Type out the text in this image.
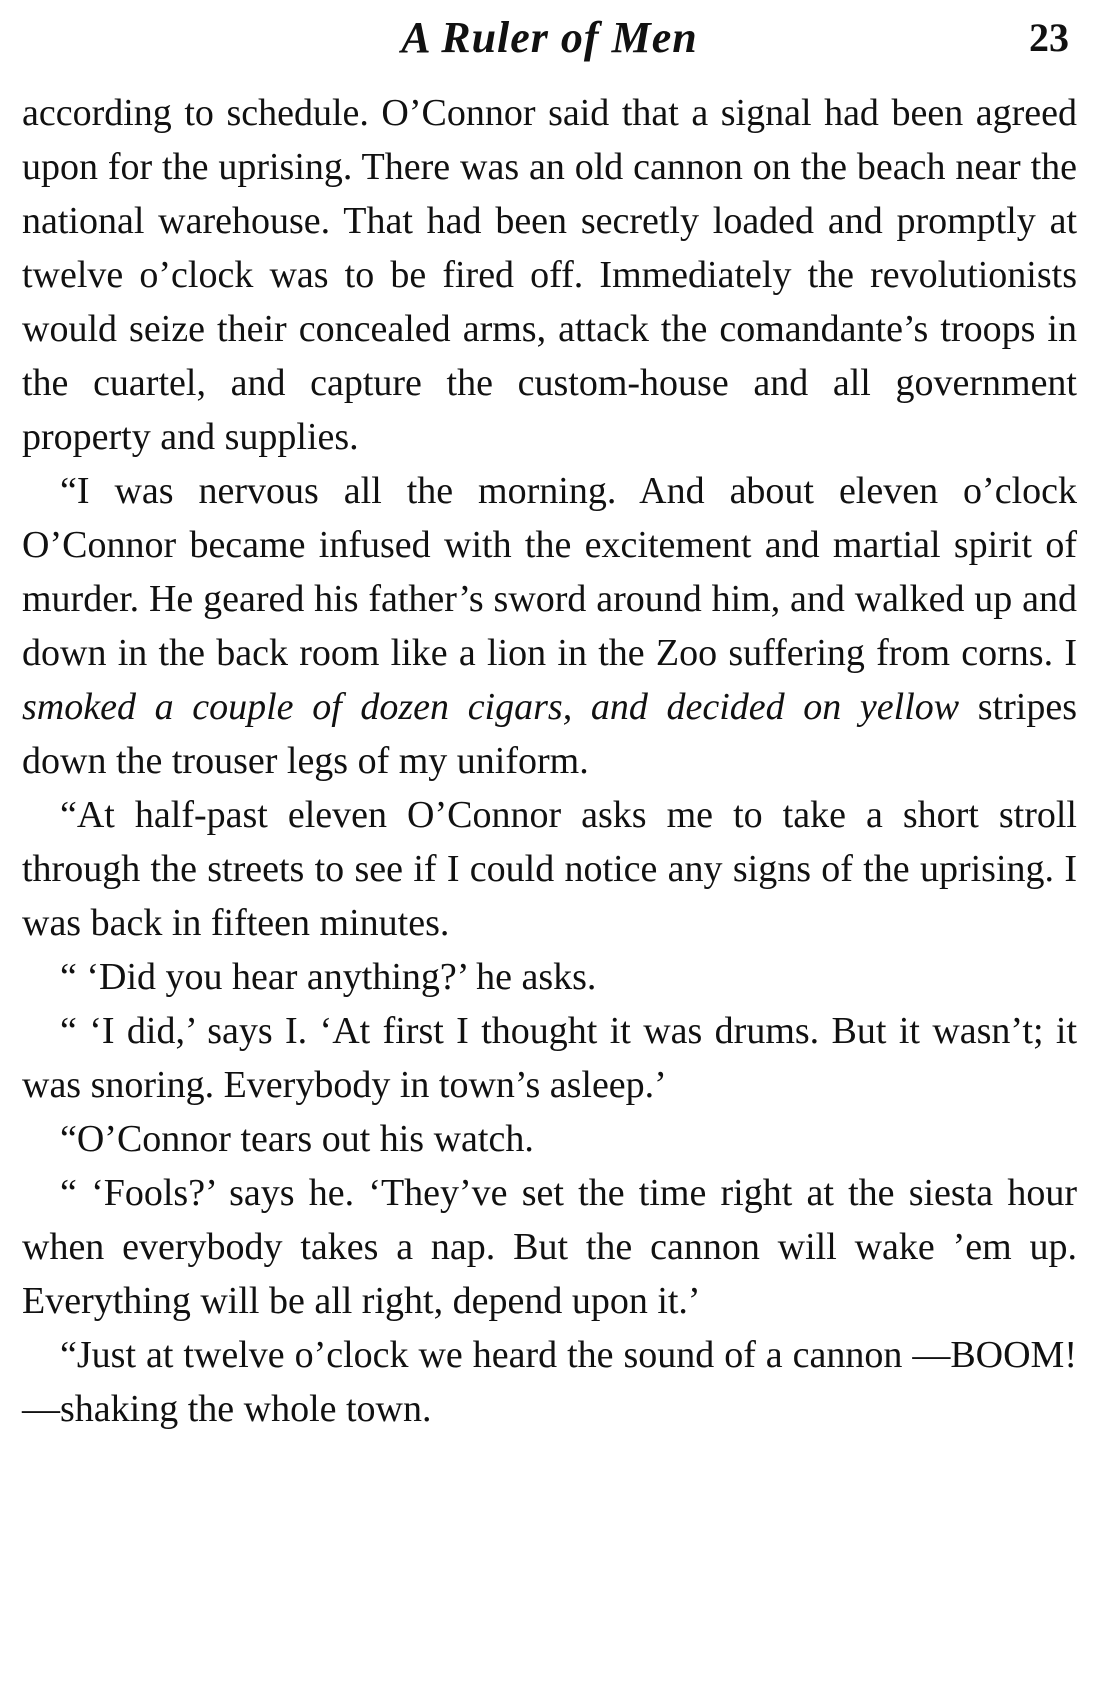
A Ruler of Men	23

according to schedule. O’Connor said that a signal had been agreed upon for the uprising. There was an old cannon on the beach near the national warehouse. That had been secretly loaded and promptly at twelve o’clock was to be fired off. Immediately the revolutionists would seize their concealed arms, attack the comandante’s troops in the cuartel, and capture the custom-house and all government property and supplies.

“I was nervous all the morning. And about eleven o’clock O’Connor became infused with the excitement and martial spirit of murder. He geared his father’s sword around him, and walked up and down in the back room like a lion in the Zoo suffering from corns. I smoked a couple of dozen cigars, and decided on yellow stripes down the trouser legs of my uniform.

“At half-past eleven O’Connor asks me to take a short stroll through the streets to see if I could notice any signs of the uprising. I was back in fifteen minutes.

“ ‘Did you hear anything?’ he asks.

“ ‘I did,’ says I. ‘At first I thought it was drums. But it wasn’t; it was snoring. Everybody in town’s asleep.’

“O’Connor tears out his watch.

“ ‘Fools?’ says he. ‘They’ve set the time right at the siesta hour when everybody takes a nap. But the cannon will wake ’em up. Everything will be all right, depend upon it.’

“Just at twelve o’clock we heard the sound of a cannon —BOOM!—shaking the whole town.
